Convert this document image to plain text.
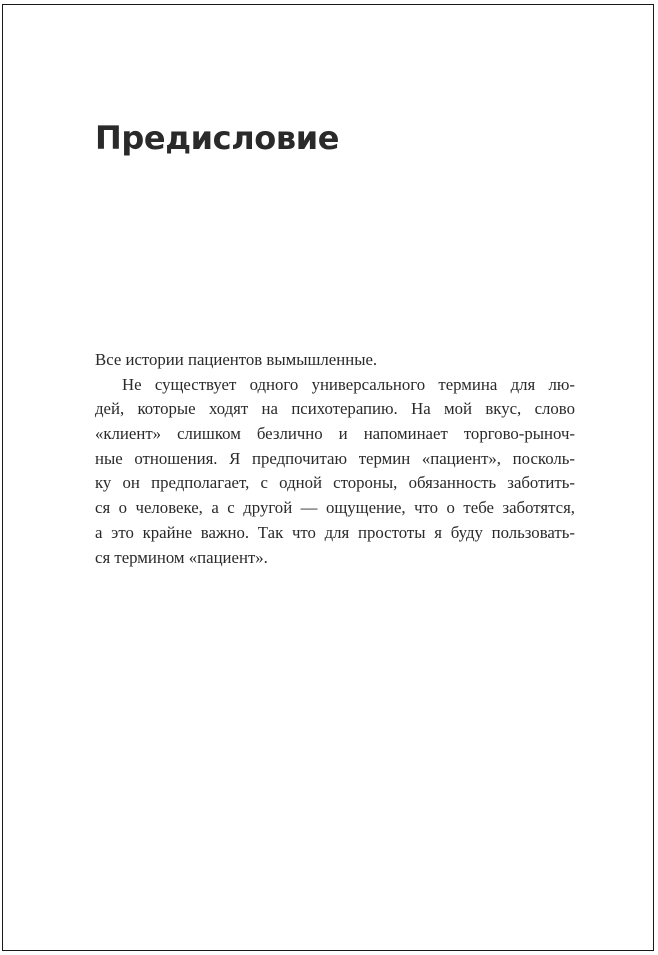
Предисловие
Все истории пациентов вымышленные.
Не существует одного универсального термина для лю-
дей, которые ходят на психотерапию. На мой вкус, слово
«клиент» слишком безлично и напоминает торгово-рыноч-
ные отношения. Я предпочитаю термин «пациент», посколь-
ку он предполагает, с одной стороны, обязанность заботить-
ся о человеке, а с другой — ощущение, что о тебе заботятся,
а это крайне важно. Так что для простоты я буду пользовать-
ся термином «пациент».
